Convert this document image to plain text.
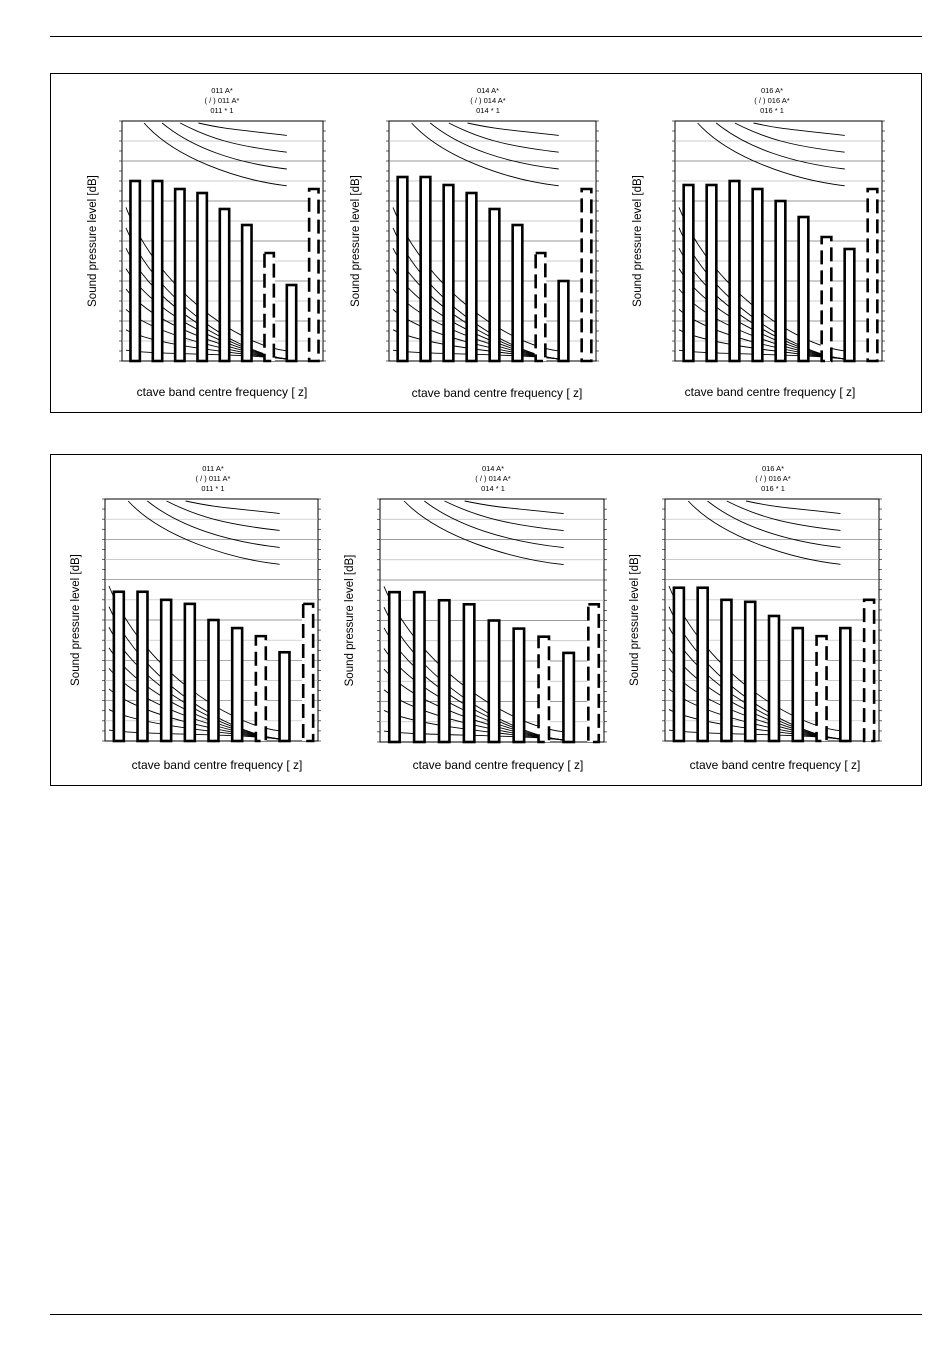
011 A*
( / ) 011 A*
011 * 1
Sound pressure level [dB]
ctave band centre frequency [ z]
014 A*
( / ) 014 A*
014 * 1
Sound pressure level [dB]
ctave band centre frequency [ z]
016 A*
( / ) 016 A*
016 * 1
Sound pressure level [dB]
ctave band centre frequency [ z]
011 A*
( / ) 011 A*
011 * 1
Sound pressure level [dB]
ctave band centre frequency [ z]
014 A*
( / ) 014 A*
014 * 1
Sound pressure level [dB]
ctave band centre frequency [ z]
016 A*
( / ) 016 A*
016 * 1
Sound pressure level [dB]
ctave band centre frequency [ z]
